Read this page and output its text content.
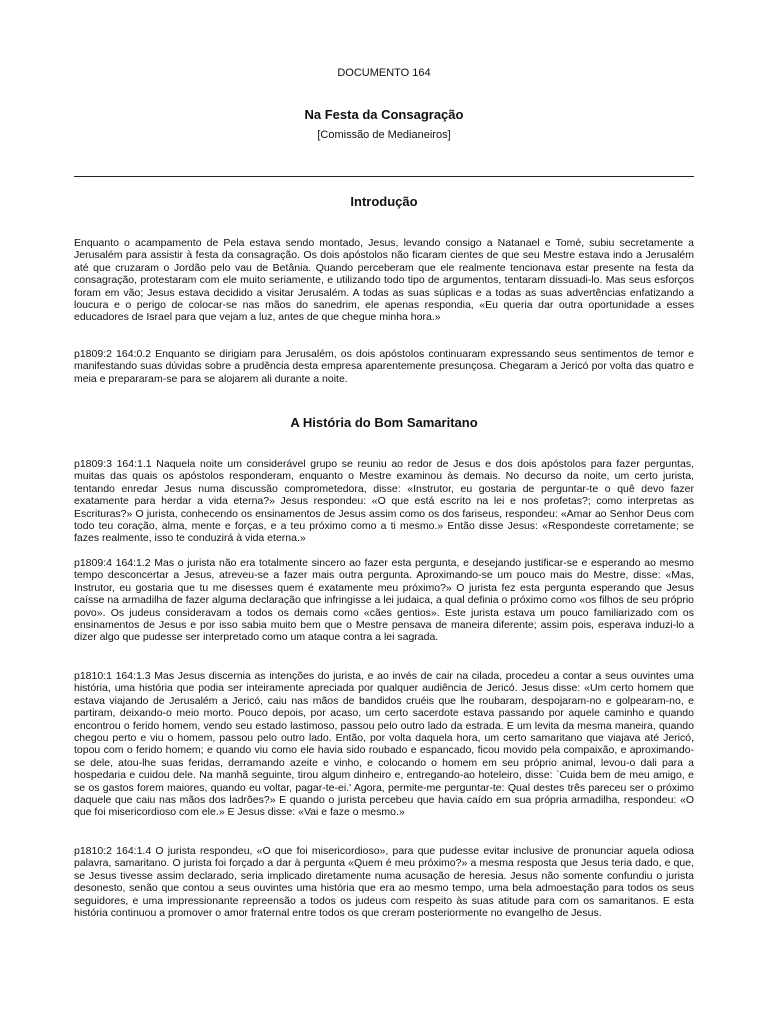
DOCUMENTO 164
Na Festa da Consagração
[Comissão de Medianeiros]
Introdução

Enquanto o acampamento de Pela estava sendo montado, Jesus, levando consigo a Natanael e Tomé, subiu secretamente a Jerusalém para assistir à festa da consagração. Os dois apóstolos não ficaram cientes de que seu Mestre estava indo a Jerusalém até que cruzaram o Jordão pelo vau de Betânia. Quando perceberam que ele realmente tencionava estar presente na festa da consagração, protestaram com ele muito seriamente, e utilizando todo tipo de argumentos, tentaram dissuadi-lo. Mas seus esforços foram em vão; Jesus estava decidido a visitar Jerusalém. A todas as suas súplicas e a todas as suas advertências enfatizando a loucura e o perigo de colocar-se nas mãos do sanedrim, ele apenas respondia, «Eu queria dar outra oportunidade a esses educadores de Israel para que vejam a luz, antes de que chegue minha hora.»

p1809:2 164:0.2 Enquanto se dirigiam para Jerusalém, os dois apóstolos continuaram expressando seus sentimentos de temor e manifestando suas dúvidas sobre a prudência desta empresa aparentemente presunçosa. Chegaram a Jericó por volta das quatro e meia e prepararam-se para se alojarem ali durante a noite.

A História do Bom Samaritano

p1809:3 164:1.1 Naquela noite um considerável grupo se reuniu ao redor de Jesus e dos dois apóstolos para fazer perguntas, muitas das quais os apóstolos responderam, enquanto o Mestre examinou às demais. No decurso da noite, um certo jurista, tentando enredar Jesus numa discussão comprometedora, disse: «Instrutor, eu gostaria de perguntar-te o quê devo fazer exatamente para herdar a vida eterna?» Jesus respondeu: «O que está escrito na lei e nos profetas?; como interpretas as Escrituras?» O jurista, conhecendo os ensinamentos de Jesus assim como os dos fariseus, respondeu: «Amar ao Senhor Deus com todo teu coração, alma, mente e forças, e a teu próximo como a ti mesmo.» Então disse Jesus: «Respondeste corretamente; se fazes realmente, isso te conduzirá à vida eterna.»

p1809:4 164:1.2 Mas o jurista não era totalmente sincero ao fazer esta pergunta, e desejando justificar-se e esperando ao mesmo tempo desconcertar a Jesus, atreveu-se a fazer mais outra pergunta. Aproximando-se um pouco mais do Mestre, disse: «Mas, Instrutor, eu gostaria que tu me disesses quem é exatamente meu próximo?» O jurista fez esta pergunta esperando que Jesus caísse na armadilha de fazer alguma declaração que infringisse a lei judaica, a qual definia o próximo como «os filhos de seu próprio povo». Os judeus consideravam a todos os demais como «cães gentios». Este jurista estava um pouco familiarizado com os ensinamentos de Jesus e por isso sabia muito bem que o Mestre pensava de maneira diferente; assim pois, esperava induzi-lo a dizer algo que pudesse ser interpretado como um ataque contra a lei sagrada.

p1810:1 164:1.3 Mas Jesus discernia as intenções do jurista, e ao invés de cair na cilada, procedeu a contar a seus ouvintes uma história, uma história que podia ser inteiramente apreciada por qualquer audiência de Jericó. Jesus disse: «Um certo homem que estava viajando de Jerusalém a Jericó, caiu nas mãos de bandidos cruéis que lhe roubaram, despojaram-no e golpearam-no, e partiram, deixando-o meio morto. Pouco depois, por acaso, um certo sacerdote estava passando por aquele caminho e quando encontrou o ferido homem, vendo seu estado lastimoso, passou pelo outro lado da estrada. E um levita da mesma maneira, quando chegou perto e viu o homem, passou pelo outro lado. Então, por volta daquela hora, um certo samaritano que viajava até Jericó, topou com o ferido homem; e quando viu como ele havia sido roubado e espancado, ficou movido pela compaixão, e aproximando-se dele, atou-lhe suas feridas, derramando azeite e vinho, e colocando o homem em seu próprio animal, levou-o dali para a hospedaria e cuidou dele. Na manhã seguinte, tirou algum dinheiro e, entregando-ao hoteleiro, disse: `Cuida bem de meu amigo, e se os gastos forem maiores, quando eu voltar, pagar-te-ei.' Agora, permite-me perguntar-te: Qual destes três pareceu ser o próximo daquele que caiu nas mãos dos ladrões?» E quando o jurista percebeu que havia caído em sua própria armadilha, respondeu: «O que foi misericordioso com ele.» E Jesus disse: «Vai e faze o mesmo.»

p1810:2 164:1.4 O jurista respondeu, «O que foi misericordioso», para que pudesse evitar inclusive de pronunciar aquela odiosa palavra, samaritano. O jurista foi forçado a dar à pergunta «Quem é meu próximo?» a mesma resposta que Jesus teria dado, e que, se Jesus tivesse assim declarado, seria implicado diretamente numa acusação de heresia. Jesus não somente confundiu o jurista desonesto, senão que contou a seus ouvintes uma história que era ao mesmo tempo, uma bela admoestação para todos os seus seguidores, e uma impressionante repreensão a todos os judeus com respeito às suas atitude para com os samaritanos. E esta história continuou a promover o amor fraternal entre todos os que creram posteriormente no evangelho de Jesus.
